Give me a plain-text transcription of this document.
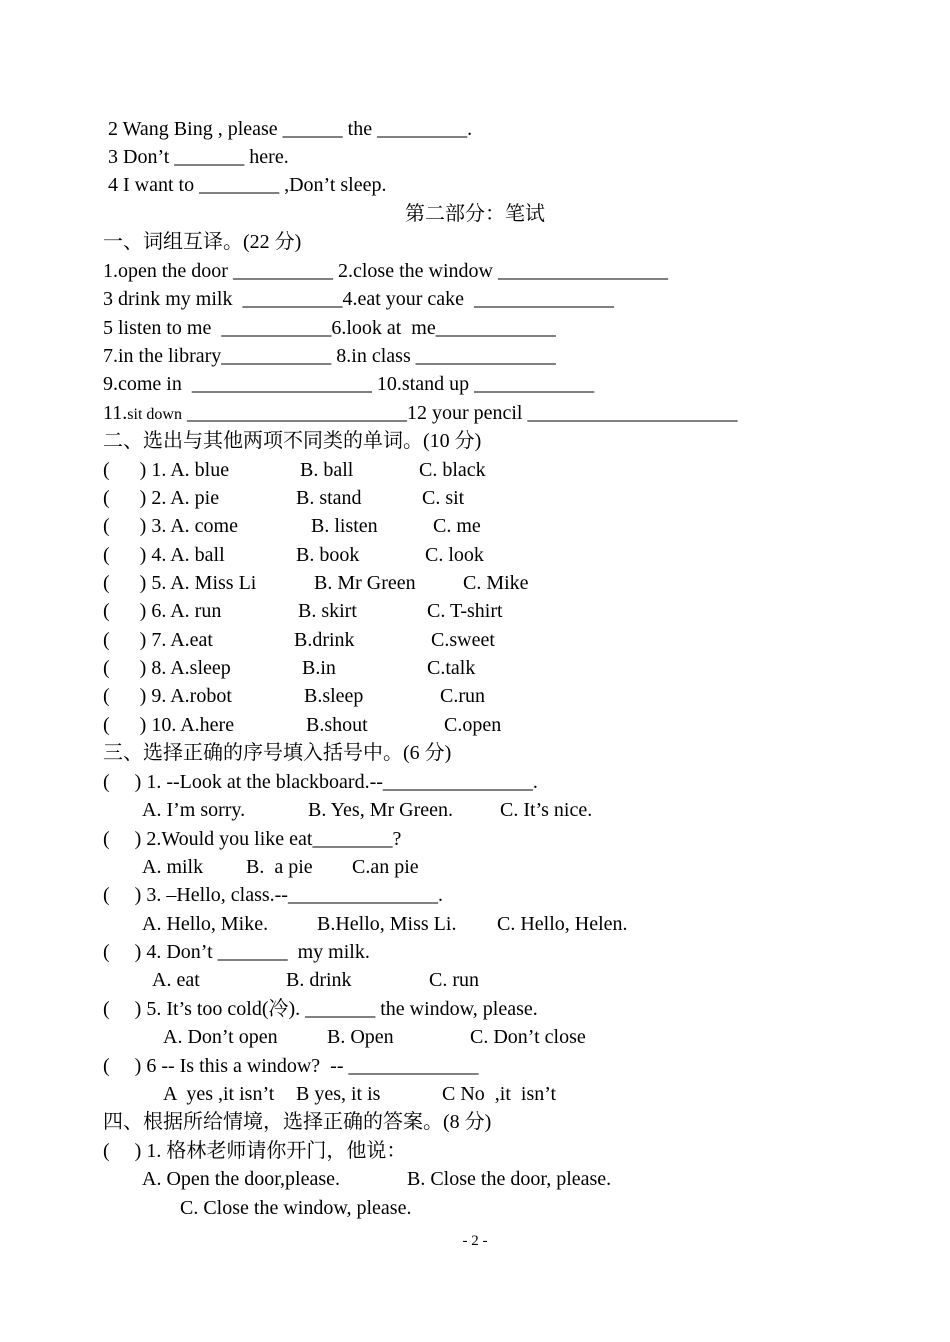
2 Wang Bing , please ______ the _________.
3 Don’t _______ here.
4 I want to ________ ,Don’t sleep.
第二部分：笔试
一、词组互译。(22 分)
1.open the door __________ 2.close the window _________________
3 drink my milk  __________4.eat your cake  ______________
5 listen to me  ___________6.look at  me____________
7.in the library___________ 8.in class ______________
9.come in  __________________ 10.stand up ____________
11.sit down ______________________12 your pencil _____________________
二、选出与其他两项不同类的单词。(10 分)
(      ) 1. A. blue	B. ball	C. black
(      ) 2. A. pie	B. stand	C. sit
(      ) 3. A. come	B. listen	C. me
(      ) 4. A. ball	B. book	C. look
(      ) 5. A. Miss Li	B. Mr Green C. Mike
(      ) 6. A. run	B. skirt	C. T-shirt
(      ) 7. A.eat	B.drink	C.sweet
(      ) 8. A.sleep	B.in	C.talk
(      ) 9. A.robot	B.sleep	C.run
(      ) 10. A.here	B.shout	C.open
三、选择正确的序号填入括号中。(6 分)
(     ) 1. --Look at the blackboard.--_______________.
A. I’m sorry.	B. Yes, Mr Green. C. It’s nice.
(     ) 2.Would you like eat________?
A. milk B.  a pie C.an pie
(     ) 3. –Hello, class.--_______________.
A. Hello, Mike. B.Hello, Miss Li. C. Hello, Helen.
(     ) 4. Don’t _______  my milk.
A. eat	B. drink	C. run
(     ) 5. It’s too cold(冷). _______ the window, please.
A. Don’t open B. Open	C. Don’t close
(     ) 6 -- Is this a window?  -- _____________
A  yes ,it isn’t B yes, it is	C No  ,it  isn’t
四、根据所给情境，选择正确的答案。(8 分)
(     ) 1. 格林老师请你开门，他说：
A. Open the door,please.	B. Close the door, please.
C. Close the window, please.
- 2 -
